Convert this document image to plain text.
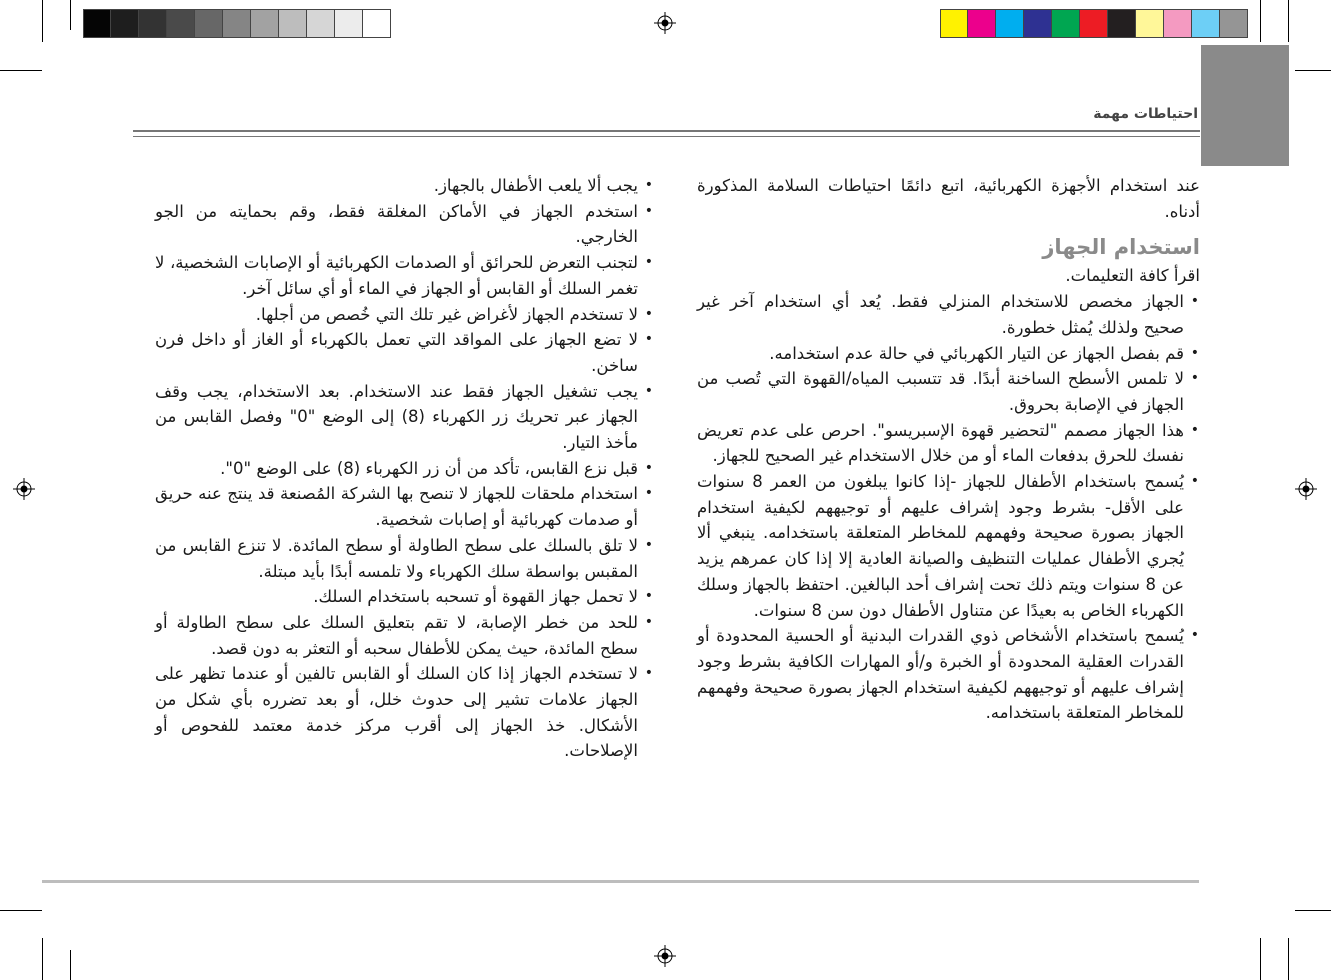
احتياطات مهمة

عند استخدام الأجهزة الكهربائية، اتبع دائمًا احتياطات السلامة المذكورة أدناه.

استخدام الجهاز

اقرأ كافة التعليمات.

• الجهاز مخصص للاستخدام المنزلي فقط. يُعد أي استخدام آخر غير صحيح ولذلك يُمثل خطورة.
• قم بفصل الجهاز عن التيار الكهربائي في حالة عدم استخدامه.
• لا تلمس الأسطح الساخنة أبدًا. قد تتسبب المياه/القهوة التي تُصب من الجهاز في الإصابة بحروق.
• هذا الجهاز مصمم "لتحضير قهوة الإسبريسو". احرص على عدم تعريض نفسك للحرق بدفعات الماء أو من خلال الاستخدام غير الصحيح للجهاز.
• يُسمح باستخدام الأطفال للجهاز -إذا كانوا يبلغون من العمر 8 سنوات على الأقل- بشرط وجود إشراف عليهم أو توجيههم لكيفية استخدام الجهاز بصورة صحيحة وفهمهم للمخاطر المتعلقة باستخدامه. ينبغي ألا يُجري الأطفال عمليات التنظيف والصيانة العادية إلا إذا كان عمرهم يزيد عن 8 سنوات ويتم ذلك تحت إشراف أحد البالغين. احتفظ بالجهاز وسلك الكهرباء الخاص به بعيدًا عن متناول الأطفال دون سن 8 سنوات.
• يُسمح باستخدام الأشخاص ذوي القدرات البدنية أو الحسية المحدودة أو القدرات العقلية المحدودة أو الخبرة و/أو المهارات الكافية بشرط وجود إشراف عليهم أو توجيههم لكيفية استخدام الجهاز بصورة صحيحة وفهمهم للمخاطر المتعلقة باستخدامه.
• يجب ألا يلعب الأطفال بالجهاز.
• استخدم الجهاز في الأماكن المغلقة فقط، وقم بحمايته من الجو الخارجي.
• لتجنب التعرض للحرائق أو الصدمات الكهربائية أو الإصابات الشخصية، لا تغمر السلك أو القابس أو الجهاز في الماء أو أي سائل آخر.
• لا تستخدم الجهاز لأغراض غير تلك التي خُصص من أجلها.
• لا تضع الجهاز على المواقد التي تعمل بالكهرباء أو الغاز أو داخل فرن ساخن.
• يجب تشغيل الجهاز فقط عند الاستخدام. بعد الاستخدام، يجب وقف الجهاز عبر تحريك زر الكهرباء (8) إلى الوضع "0" وفصل القابس من مأخذ التيار.
• قبل نزع القابس، تأكد من أن زر الكهرباء (8) على الوضع "0".
• استخدام ملحقات للجهاز لا تنصح بها الشركة المُصنعة قد ينتج عنه حريق أو صدمات كهربائية أو إصابات شخصية.
• لا تلق بالسلك على سطح الطاولة أو سطح المائدة. لا تنزع القابس من المقبس بواسطة سلك الكهرباء ولا تلمسه أبدًا بأيد مبتلة.
• لا تحمل جهاز القهوة أو تسحبه باستخدام السلك.
• للحد من خطر الإصابة، لا تقم بتعليق السلك على سطح الطاولة أو سطح المائدة، حيث يمكن للأطفال سحبه أو التعثر به دون قصد.
• لا تستخدم الجهاز إذا كان السلك أو القابس تالفين أو عندما تظهر على الجهاز علامات تشير إلى حدوث خلل، أو بعد تضرره بأي شكل من الأشكال. خذ الجهاز إلى أقرب مركز خدمة معتمد للفحوص أو الإصلاحات.
